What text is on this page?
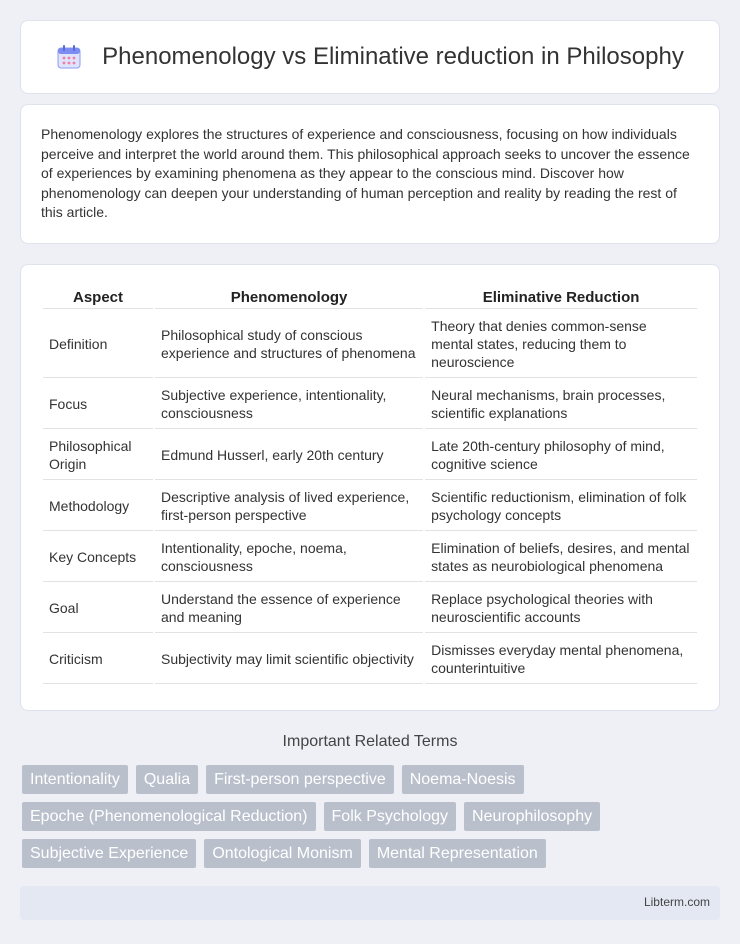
Phenomenology vs Eliminative reduction in Philosophy

Phenomenology explores the structures of experience and consciousness, focusing on how individuals perceive and interpret the world around them. This philosophical approach seeks to uncover the essence of experiences by examining phenomena as they appear to the conscious mind. Discover how phenomenology can deepen your understanding of human perception and reality by reading the rest of this article.

Aspect	Phenomenology	Eliminative Reduction
Definition	Philosophical study of conscious experience and structures of phenomena	Theory that denies common-sense mental states, reducing them to neuroscience
Focus	Subjective experience, intentionality, consciousness	Neural mechanisms, brain processes, scientific explanations
Philosophical Origin	Edmund Husserl, early 20th century	Late 20th-century philosophy of mind, cognitive science
Methodology	Descriptive analysis of lived experience, first-person perspective	Scientific reductionism, elimination of folk psychology concepts
Key Concepts	Intentionality, epoche, noema, consciousness	Elimination of beliefs, desires, and mental states as neurobiological phenomena
Goal	Understand the essence of experience and meaning	Replace psychological theories with neuroscientific accounts
Criticism	Subjectivity may limit scientific objectivity	Dismisses everyday mental phenomena, counterintuitive
Important Related Terms
Intentionality	Qualia	First-person perspective	Noema-Noesis
Epoche (Phenomenological Reduction)	Folk Psychology	Neurophilosophy
Subjective Experience	Ontological Monism	Mental Representation
Libterm.com
